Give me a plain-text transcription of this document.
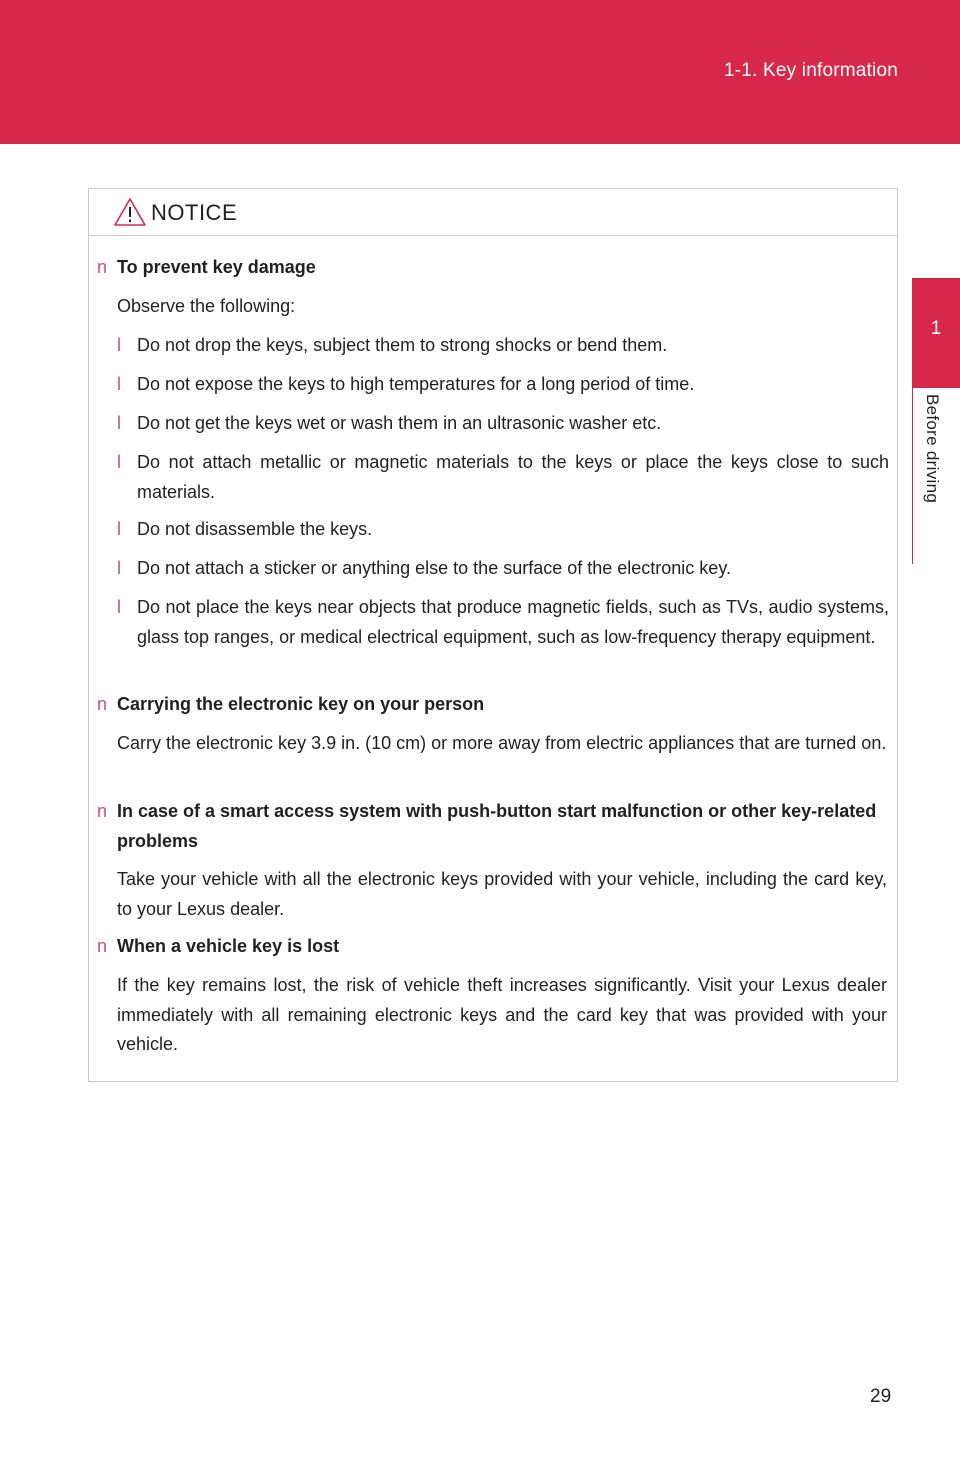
1-1. Key information
1
Before driving
NOTICE
n To prevent key damage
Observe the following:
l Do not drop the keys, subject them to strong shocks or bend them.
l Do not expose the keys to high temperatures for a long period of time.
l Do not get the keys wet or wash them in an ultrasonic washer etc.
l Do not attach metallic or magnetic materials to the keys or place the keys close to such materials.
l Do not disassemble the keys.
l Do not attach a sticker or anything else to the surface of the electronic key.
l Do not place the keys near objects that produce magnetic fields, such as TVs, audio systems, glass top ranges, or medical electrical equipment, such as low-frequency therapy equipment.
n Carrying the electronic key on your person
Carry the electronic key 3.9 in. (10 cm) or more away from electric appliances that are turned on.
n In case of a smart access system with push-button start malfunction or other key-related problems
Take your vehicle with all the electronic keys provided with your vehicle, including the card key, to your Lexus dealer.
n When a vehicle key is lost
If the key remains lost, the risk of vehicle theft increases significantly. Visit your Lexus dealer immediately with all remaining electronic keys and the card key that was provided with your vehicle.
29
